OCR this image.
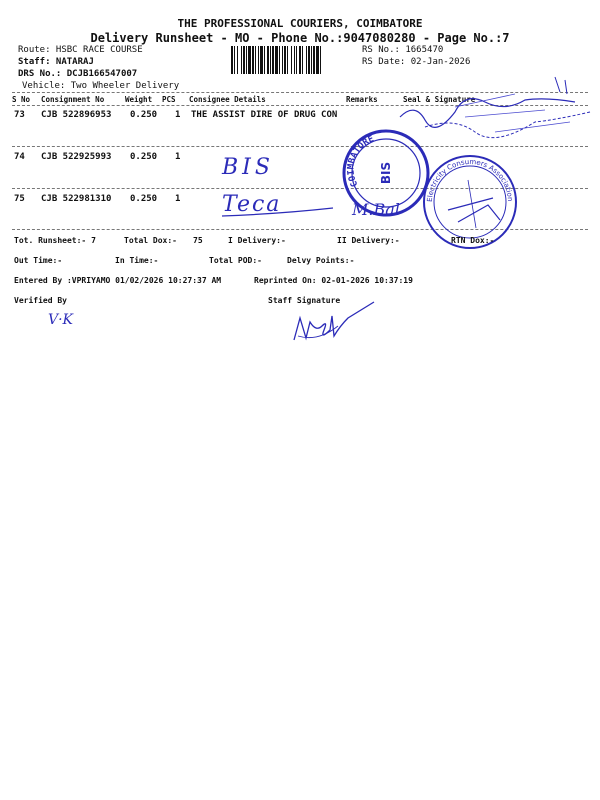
THE PROFESSIONAL COURIERS, COIMBATORE
Delivery Runsheet - MO - Phone No.:9047080280 - Page No.:7
Route: HSBC RACE COURSE
Staff: NATARAJ
DRS No.: DCJB166547007
Vehicle: Two Wheeler Delivery
RS No.: 1665470
RS Date: 02-Jan-2026
S No Consignment No	Weight PCS Consignee Details	Remarks	Seal & Signature
73 CJB 522896953 0.250 1 THE ASSIST DIRE OF DRUG CON
74 CJB 522925993 0.250 1
75 CJB 522981310 0.250 1
BIS
Teca	M.Bal
COIMBATORE
BIS
Electricity Consumers Association
Tot. Runsheet:- 7	Total Dox:- 75	I Delivery:-	II Delivery:-	RTN Dox:-
Out Time:-	In Time:-	Total POD:-	Delvy Points:-
Entered By :VPRIYAMO 01/02/2026 10:27:37 AM	Reprinted On: 02-01-2026 10:37:19
Verified By	Staff Signature
V·K
